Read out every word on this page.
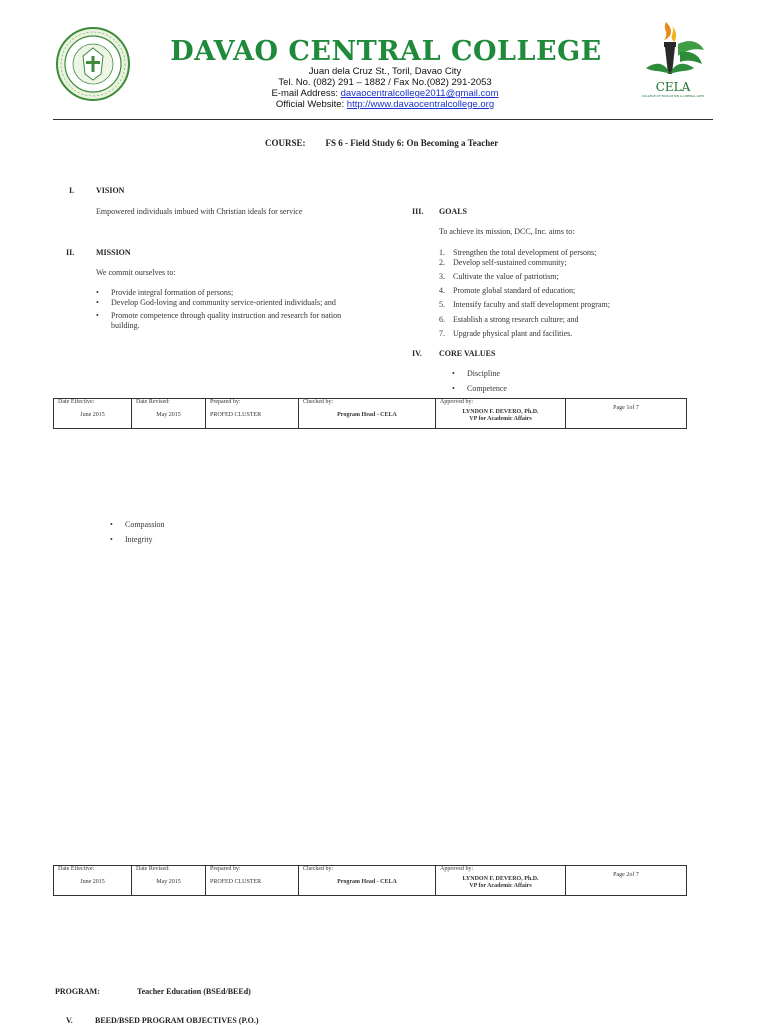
DAVAO CENTRAL COLLEGE
Juan dela Cruz St., Toril, Davao City
Tel. No. (082) 291 – 1882 / Fax No.(082) 291-2053
E-mail Address: davaocentralcollege2011@gmail.com
Official Website: http://www.davaocentralcollege.org
CELA
COLLEGE OF EDUCATION & LIBERAL ARTS
COURSE: FS 6 - Field Study 6: On Becoming a Teacher
I.	VISION
Empowered individuals imbued with Christian ideals for service
II.	MISSION
We commit ourselves to:
• Provide integral formation of persons;
• Develop God-loving and community service-oriented individuals; and
• Promote competence through quality instruction and research for nation building.
III. GOALS
To achieve its mission, DCC, Inc. aims to:
1. Strengthen the total development of persons;
2. Develop self-sustained community;
3. Cultivate the value of patriotism;
4. Promote global standard of education;
5. Intensify faculty and staff development program;
6. Establish a strong research culture; and
7. Upgrade physical plant and facilities.
IV. CORE VALUES
• Discipline
• Competence
Date Effective:
June 2015

Date Revised:
May 2015

Prepared by:
PROFED CLUSTER

Checked by:
Program Head - CELA

Approved by:
LYNDON F. DEVERO, Ph.D.
VP for Academic Affairs

Page 1of 7
• Compassion
• Integrity
Date Effective:
June 2015

Date Revised:
May 2015

Prepared by:
PROFED CLUSTER

Checked by:
Program Head - CELA

Approved by:
LYNDON F. DEVERO, Ph.D.
VP for Academic Affairs

Page 2of 7
PROGRAM:	Teacher Education (BSEd/BEEd)
V.	BEED/BSED PROGRAM OBJECTIVES (P.O.)
